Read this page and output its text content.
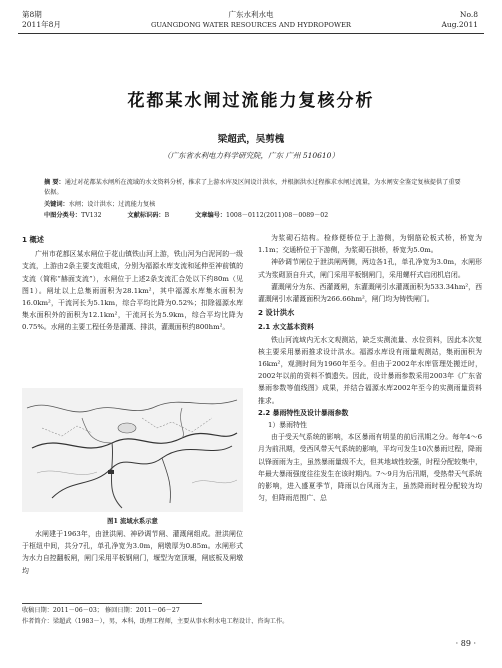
第8期
2011年8月
广东水利水电
GUANGDONG WATER RESOURCES AND HYDROPOWER
No.8
Aug.2011
花都某水闸过流能力复核分析
梁超武，吴剪槐
（广东省水利电力科学研究院，广东 广州 510610）
摘 要：通过对花都某水闸所在流域的水文资料分析，推求了上游水库及区间设计洪水，并根据洪水过程推求水闸过流量，为水闸安全鉴定复核提供了重要依据。
关键词：水闸；设计洪水；过流能力复核
中图分类号：TV132	文献标识码：B	文章编号：1008－0112(2011)08－0089－02

1 概述

广州市花都区某水闸位于花山镇铁山河上游，铁山河为白泥河的一级支流，上游由2条主要支流组成，分别为福源水库支流和延伸至神前镇的支流（简称“赫面支流”），水闸位于上述2条支流汇合处以下约80m（见图1）。闸址以上总集雨面积为28.1km²，其中福源水库集水面积为16.0km²，干流河长为5.1km，综合平均比降为0.52%；扣除福源水库集水面积外的面积为12.1km²，干流河长为5.9km，综合平均比降为0.75%。水闸的主要工程任务是灌溉、排洪，灌溉面积约800hm²。

图1 流域水系示意

水闸建于1963年，由泄洪闸、神砂调节闸、灌溉闸组成。泄洪闸位于枢纽中间，共分7孔，单孔净宽为3.0m，闸墩厚为0.85m。水闸形式为水力自控翻板闸，闸门采用平板钢闸门，堰型为宽顶堰，闸底板及闸墩均

为浆砌石结构。检修便桥位于上游侧，为钢筋砼板式桥，桥宽为1.1m；交通桥位于下游侧，为浆砌石拱桥，桥宽为5.0m。

神砂调节闸位于泄洪闸两侧，两边各1孔，单孔净宽为3.0m，水闸形式为浆砌顶自升式，闸门采用平板钢闸门，采用螺杆式启闭机启闭。

灌溉闸分为东、西灌溉闸，东灌溉闸引水灌溉面积为533.34hm²，西灌溉闸引水灌溉面积为266.66hm²，闸门均为铸铁闸门。

2 设计洪水

2.1 水文基本资料

铁山河流域内无水文观测站，缺乏实测流量、水位资料，因此本次复核主要采用暴雨推求设计洪水。福源水库设有雨量观测站，集雨面积为16km²，观测时间为1960年至今。但由于2002年水库管理处搬迁时，2002年以前的资料不慎遗失。因此，设计暴雨参数采用2003年《广东省暴雨参数等值线图》成果，并结合福源水库2002年至今的实测雨量资料推求。

2.2 暴雨特性及设计暴雨参数

1）暴雨特性

由于受天气系统的影响，本区暴雨有明显的前后汛期之分。每年4～6月为前汛期，受西风带天气系统的影响，平均可发生10次暴雨过程，降雨以锋面雨为主，虽然暴雨量级不大，但其地域性较强，时程分配较集中，年最大暴雨强度往往发生在该时期内。7～9月为后汛期，受热带天气系统的影响，进入盛夏季节，降雨以台风雨为主，虽然降雨时程分配较为均匀，但降雨范围广、总

收稿日期：2011－06－03； 修回日期：2011－06－27
作者简介：梁超武（1983－），男，本科，助理工程师，主要从事水利水电工程设计、咨询工作。
· 89 ·
